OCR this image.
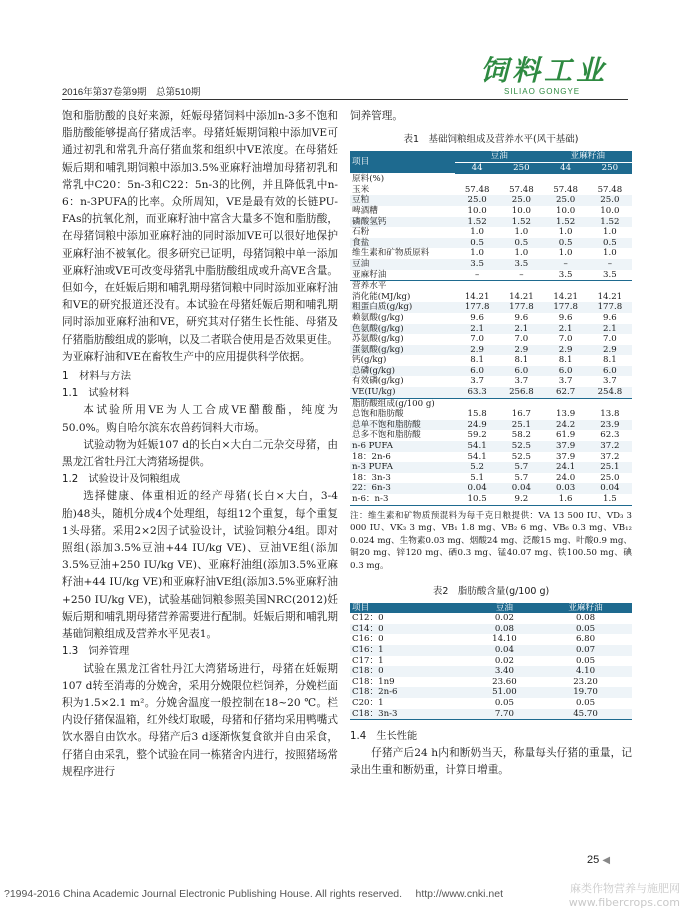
2016年第37卷第9期　总第510期
饲料工业
SILIAO GONGYE

饱和脂肪酸的良好来源，妊娠母猪饲料中添加n-3多不饱和脂肪酸能够提高仔猪成活率。母猪妊娠期饲粮中添加VE可通过初乳和常乳升高仔猪血浆和组织中VE浓度。在母猪妊娠后期和哺乳期饲粮中添加3.5%亚麻籽油增加母猪初乳和常乳中C20：5n-3和C22：5n-3的比例，并且降低乳中n-6：n-3PUFA的比率。众所周知，VE是最有效的长链PU-FAs的抗氧化剂，而亚麻籽油中富含大量多不饱和脂肪酸，在母猪饲粮中添加亚麻籽油的同时添加VE可以很好地保护亚麻籽油不被氧化。很多研究已证明，母猪饲粮中单一添加亚麻籽油或VE可改变母猪乳中脂肪酸组成或升高VE含量。但如今，在妊娠后期和哺乳期母猪饲粮中同时添加亚麻籽油和VE的研究报道还没有。本试验在母猪妊娠后期和哺乳期同时添加亚麻籽油和VE，研究其对仔猪生长性能、母猪及仔猪脂肪酸组成的影响，以及二者联合使用是否效果更佳。为亚麻籽油和VE在畜牧生产中的应用提供科学依据。

1　材料与方法

1.1　试验材料

本试验所用VE为人工合成VE醋酸酯，纯度为50.0%。购自哈尔滨东农兽药饲料大市场。

试验动物为妊娠107 d的长白×大白二元杂交母猪，由黑龙江省牡丹江大湾猪场提供。

1.2　试验设计及饲粮组成

选择健康、体重相近的经产母猪(长白×大白，3-4胎)48头，随机分成4个处理组，每组12个重复，每个重复1头母猪。采用2×2因子试验设计，试验饲粮分4组。即对照组(添加3.5%豆油+44 IU/kg VE)、豆油VE组(添加3.5%豆油+250 IU/kg VE)、亚麻籽油组(添加3.5%亚麻籽油+44 IU/kg VE)和亚麻籽油VE组(添加3.5%亚麻籽油+250 IU/kg VE)，试验基础饲粮参照美国NRC(2012)妊娠后期和哺乳期母猪营养需要进行配制。妊娠后期和哺乳期基础饲粮组成及营养水平见表1。

1.3　饲养管理

试验在黑龙江省牡丹江大湾猪场进行，母猪在妊娠期107 d转至消毒的分娩舍，采用分娩限位栏饲养，分娩栏面积为1.5×2.1 m²。分娩舍温度一般控制在18~20 ℃。栏内设仔猪保温箱，红外线灯取暖，母猪和仔猪均采用鸭嘴式饮水器自由饮水。母猪产后3 d逐渐恢复食欲并自由采食，仔猪自由采乳，整个试验在同一栋猪舍内进行，按照猪场常规程序进行

饲养管理。

表1　基础饲粮组成及营养水平(风干基础)
项目	豆油		亚麻籽油	
	44	250	44	250
原料(%)				
玉米	57.48	57.48	57.48	57.48
豆粕	25.0	25.0	25.0	25.0
啤酒糟	10.0	10.0	10.0	10.0
磷酸氢钙	1.52	1.52	1.52	1.52
石粉	1.0	1.0	1.0	1.0
食盐	0.5	0.5	0.5	0.5
维生素和矿物质原料	1.0	1.0	1.0	1.0
豆油	3.5	3.5	–	–
亚麻籽油	–	–	3.5	3.5
营养水平				
消化能(MJ/kg)	14.21	14.21	14.21	14.21
粗蛋白质(g/kg)	177.8	177.8	177.8	177.8
赖氨酸(g/kg)	9.6	9.6	9.6	9.6
色氨酸(g/kg)	2.1	2.1	2.1	2.1
苏氨酸(g/kg)	7.0	7.0	7.0	7.0
蛋氨酸(g/kg)	2.9	2.9	2.9	2.9
钙(g/kg)	8.1	8.1	8.1	8.1
总磷(g/kg)	6.0	6.0	6.0	6.0
有效磷(g/kg)	3.7	3.7	3.7	3.7
VE(IU/kg)	63.3	256.8	62.7	254.8
脂肪酸组成(g/100 g)				
总饱和脂肪酸	15.8	16.7	13.9	13.8
总单不饱和脂肪酸	24.9	25.1	24.2	23.9
总多不饱和脂肪酸	59.2	58.2	61.9	62.3
n-6 PUFA	54.1	52.5	37.9	37.2
18：2n-6	54.1	52.5	37.9	37.2
n-3 PUFA	5.2	5.7	24.1	25.1
18：3n-3	5.1	5.7	24.0	25.0
22：6n-3	0.04	0.04	0.03	0.04
n-6：n-3	10.5	9.2	1.6	1.5
注：维生素和矿物质预混料为每千克日粮提供：VA 13 500 IU、VD₃ 3 000 IU、VK₃ 3 mg、VB₁ 1.8 mg、VB₂ 6 mg、VB₆ 0.3 mg、VB₁₂ 0.024 mg、生物素0.03 mg、烟酸24 mg、泛酸15 mg、叶酸0.9 mg、铜20 mg、锌120 mg、硒0.3 mg、锰40.07 mg、铁100.50 mg、碘0.3 mg。
表2　脂肪酸含量(g/100 g)
项目	豆油	亚麻籽油
C12：0	0.02	0.08
C14：0	0.08	0.05
C16：0	14.10	6.80
C16：1	0.04	0.07
C17：1	0.02	0.05
C18：0	3.40	4.10
C18：1n9	23.60	23.20
C18：2n-6	51.00	19.70
C20：1	0.05	0.05
C18：3n-3	7.70	45.70
1.4　生长性能

仔猪产后24 h内和断奶当天，称量每头仔猪的重量，记录出生重和断奶重，计算日增重。

25 ◀
?1994-2016 China Academic Journal Electronic Publishing House. All rights reserved.　 http://www.cnki.net	麻类作物营养与施肥网 www.fibercrops.com
